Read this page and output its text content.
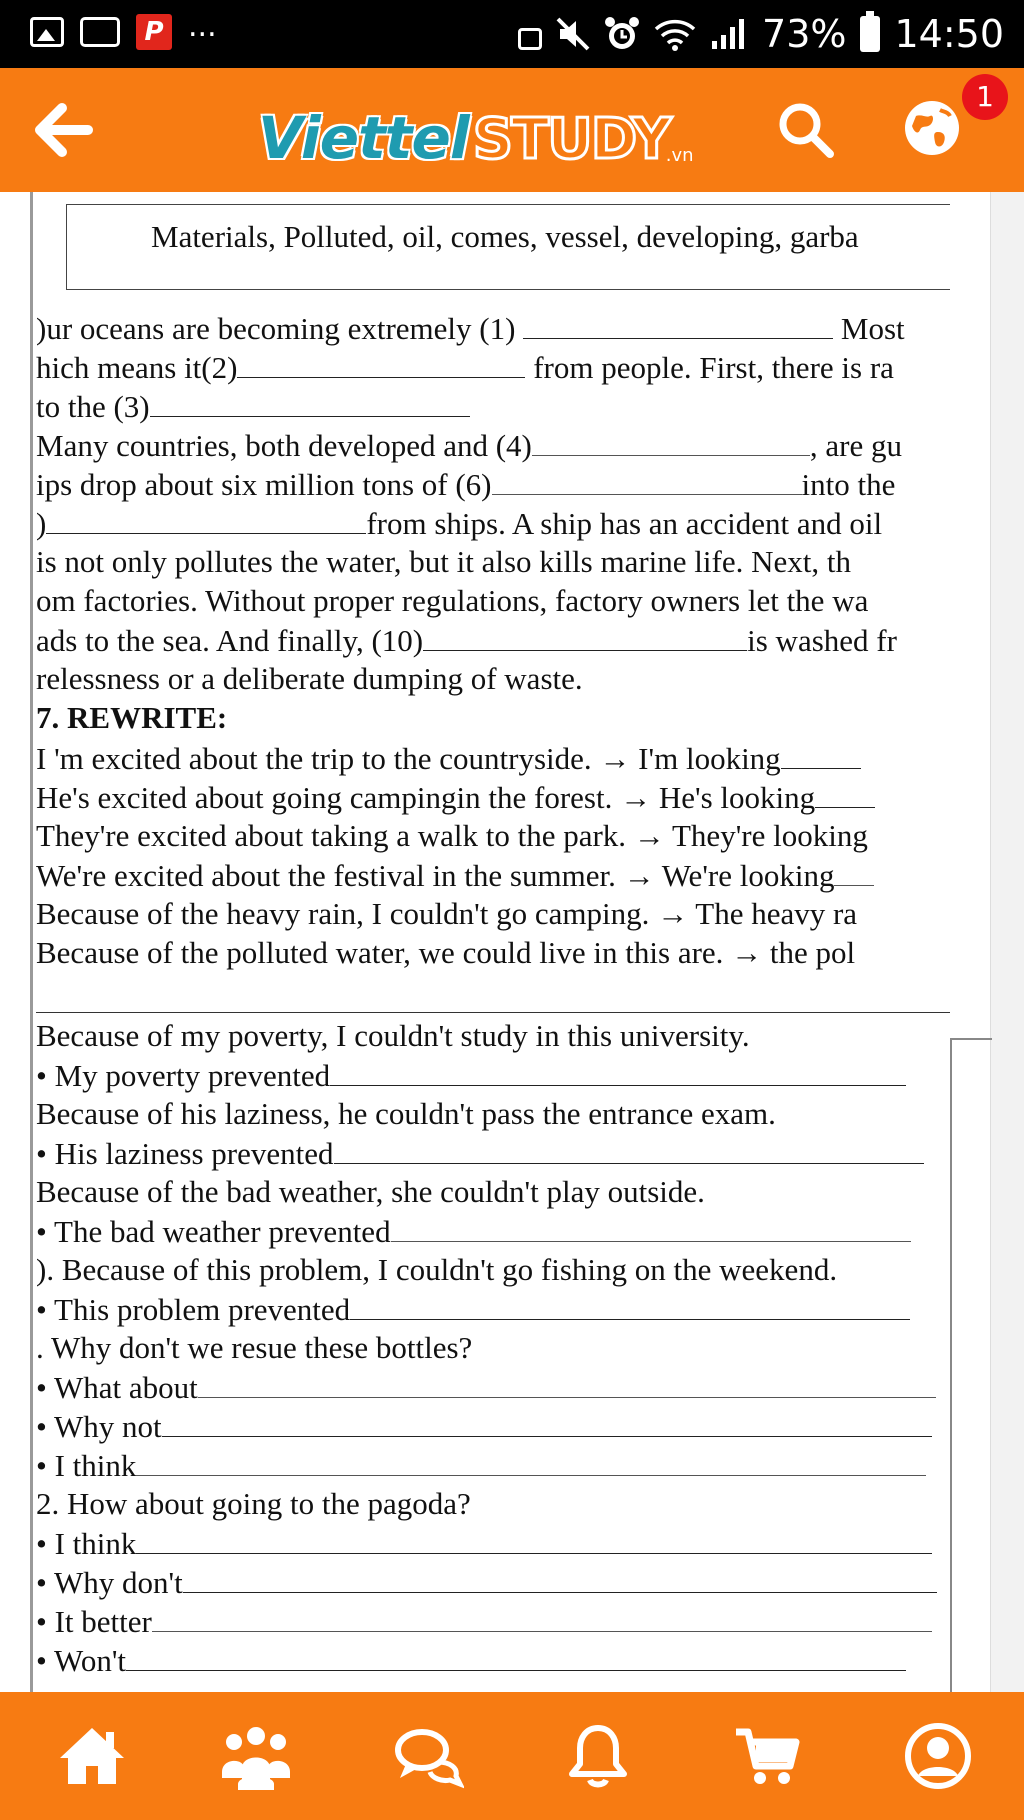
P ...	73% 14:50
Viettel STUDY
.vn
1
Materials, Polluted, oil, comes, vessel, developing, garba
)ur oceans are becoming extremely (1)	Most
hich means it(2)	from people. First, there is ra
to the (3)
Many countries, both developed and (4)	, are gu
ips drop about six million tons of (6)	into the
)	from ships. A ship has an accident and oil
is not only pollutes the water, but it also kills marine life. Next, th
om factories. Without proper regulations, factory owners let the wa
ads to the sea. And finally, (10)	is washed fr
relessness or a deliberate dumping of waste.
7. REWRITE:
I 'm excited about the trip to the countryside. → I'm looking
He's excited about going campingin the forest. → He's looking
They're excited about taking a walk to the park. → They're looking
We're excited about the festival in the summer. → We're looking
Because of the heavy rain, I couldn't go camping. → The heavy ra
Because of the polluted water, we could live in this are. → the pol
Because of my poverty, I couldn't study in this university.
• My poverty prevented
Because of his laziness, he couldn't pass the entrance exam.
• His laziness prevented
Because of the bad weather, she couldn't play outside.
• The bad weather prevented
). Because of this problem, I couldn't go fishing on the weekend.
• This problem prevented
. Why don't we resue these bottles?
• What about
• Why not
• I think
2. How about going to the pagoda?
• I think
• Why don't
• It better
• Won't
